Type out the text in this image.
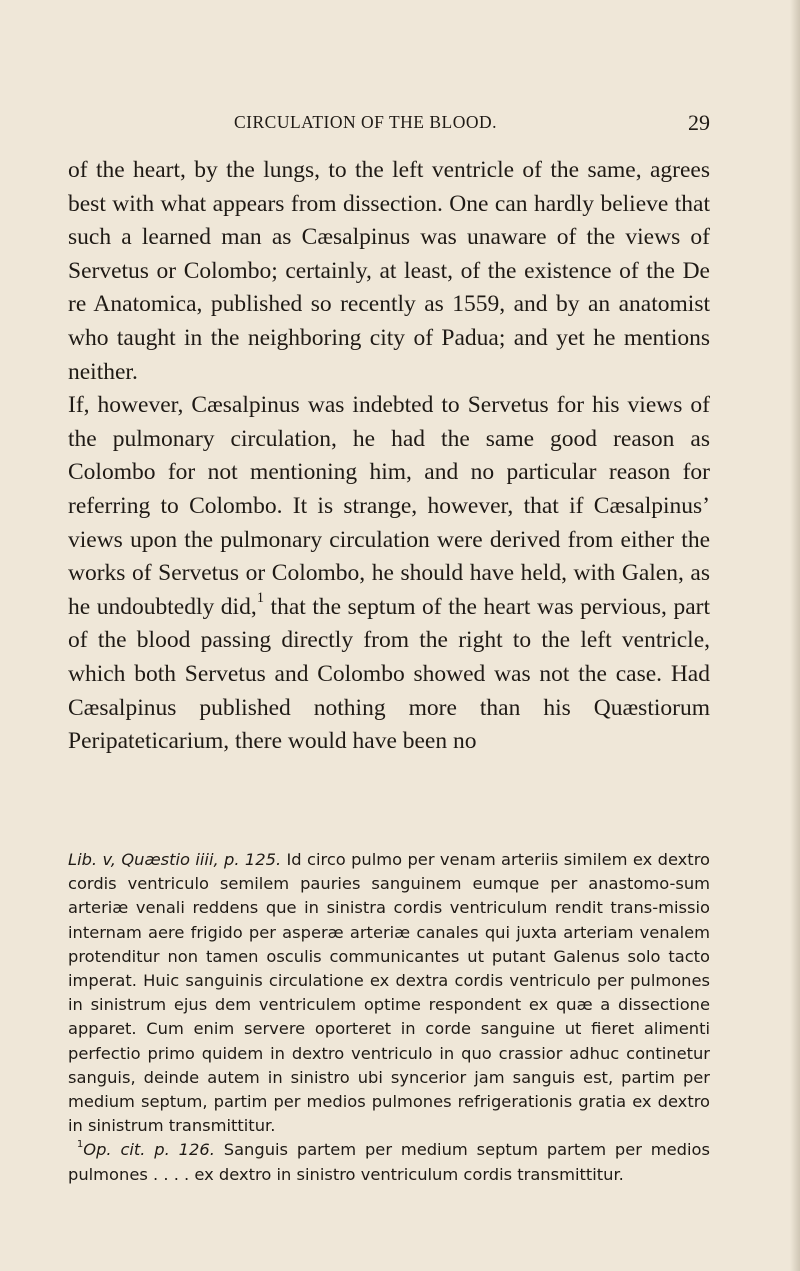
CIRCULATION OF THE BLOOD.	29

of the heart, by the lungs, to the left ventricle of the same, agrees best with what appears from dissection. One can hardly believe that such a learned man as Cæsalpinus was unaware of the views of Servetus or Colombo; certainly, at least, of the existence of the De re Anatomica, published so recently as 1559, and by an anatomist who taught in the neighboring city of Padua; and yet he mentions neither.

If, however, Cæsalpinus was indebted to Servetus for his views of the pulmonary circulation, he had the same good reason as Colombo for not mentioning him, and no particular reason for referring to Colombo. It is strange, however, that if Cæsalpinus’ views upon the pulmonary circulation were derived from either the works of Servetus or Colombo, he should have held, with Galen, as he undoubtedly did,$^1$ that the septum of the heart was pervious, part of the blood passing directly from the right to the left ventricle, which both Servetus and Colombo showed was not the case. Had Cæsalpinus published nothing more than his Quæstiorum Peripateticarium, there would have been no

Lib. v, Quæstio iiii, p. 125. Id circo pulmo per venam arteriis similem ex dextro cordis ventriculo semilem pauries sanguinem eumque per anastomo-sum arteriæ venali reddens que in sinistra cordis ventriculum rendit trans-missio internam aere frigido per asperæ arteriæ canales qui juxta arteriam venalem protenditur non tamen osculis communicantes ut putant Galenus solo tacto imperat. Huic sanguinis circulatione ex dextra cordis ventriculo per pulmones in sinistrum ejus dem ventriculem optime respondent ex quæ a dissectione apparet. Cum enim servere oporteret in corde sanguine ut fieret alimenti perfectio primo quidem in dextro ventriculo in quo crassior adhuc continetur sanguis, deinde autem in sinistro ubi syncerior jam sanguis est, partim per medium septum, partim per medios pulmones refrigerationis gratia ex dextro in sinistrum transmittitur.

$^1$Op. cit. p. 126. Sanguis partem per medium septum partem per medios pulmones . . . . ex dextro in sinistro ventriculum cordis transmittitur.
